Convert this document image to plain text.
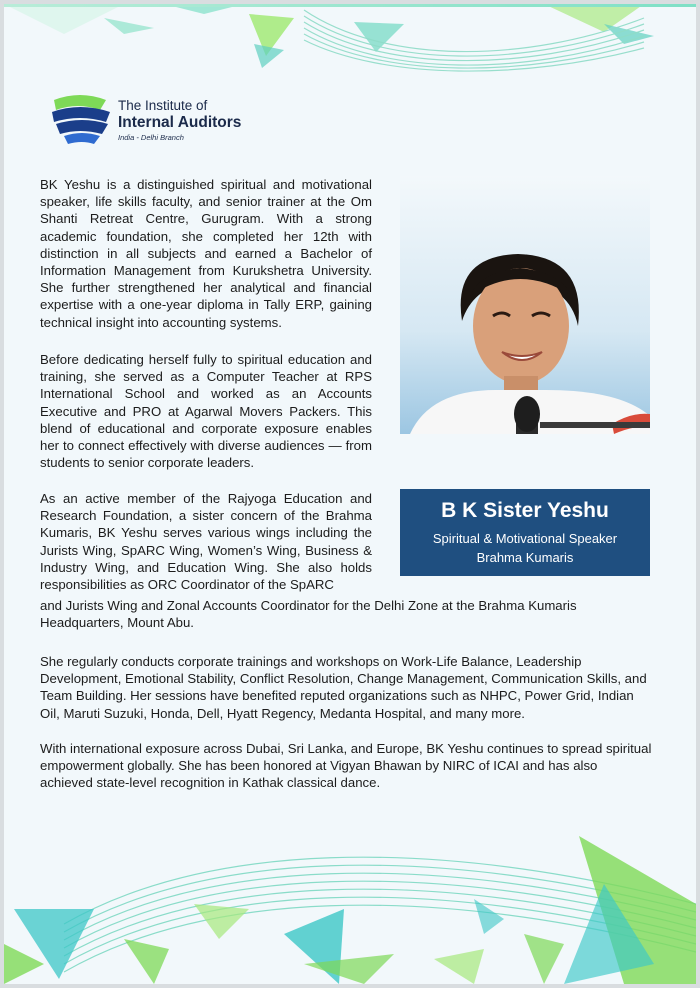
The Institute of
Internal Auditors
India - Delhi Branch
B K Sister Yeshu
Spiritual & Motivational Speaker
Brahma Kumaris

BK Yeshu is a distinguished spiritual and motivational speaker, life skills faculty, and senior trainer at the Om Shanti Retreat Centre, Gurugram. With a strong academic foundation, she completed her 12th with distinction in all subjects and earned a Bachelor of Information Management from Kurukshetra University. She further strengthened her analytical and financial expertise with a one-year diploma in Tally ERP, gaining technical insight into accounting systems.

Before dedicating herself fully to spiritual education and training, she served as a Computer Teacher at RPS International School and worked as an Accounts Executive and PRO at Agarwal Movers Packers. This blend of educational and corporate exposure enables her to connect effectively with diverse audiences — from students to senior corporate leaders.

As an active member of the Rajyoga Education and Research Foundation, a sister concern of the Brahma Kumaris, BK Yeshu serves various wings including the Jurists Wing, SpARC Wing, Women’s Wing, Business & Industry Wing, and Education Wing. She also holds responsibilities as ORC Coordinator of the SpARC

and Jurists Wing and Zonal Accounts Coordinator for the Delhi Zone at the Brahma Kumaris Headquarters, Mount Abu.

She regularly conducts corporate trainings and workshops on Work-Life Balance, Leadership Development, Emotional Stability, Conflict Resolution, Change Management, Communication Skills, and Team Building. Her sessions have benefited reputed organizations such as NHPC, Power Grid, Indian Oil, Maruti Suzuki, Honda, Dell, Hyatt Regency, Medanta Hospital, and many more.

With international exposure across Dubai, Sri Lanka, and Europe, BK Yeshu continues to spread spiritual empowerment globally. She has been honored at Vigyan Bhawan by NIRC of ICAI and has also achieved state-level recognition in Kathak classical dance.
